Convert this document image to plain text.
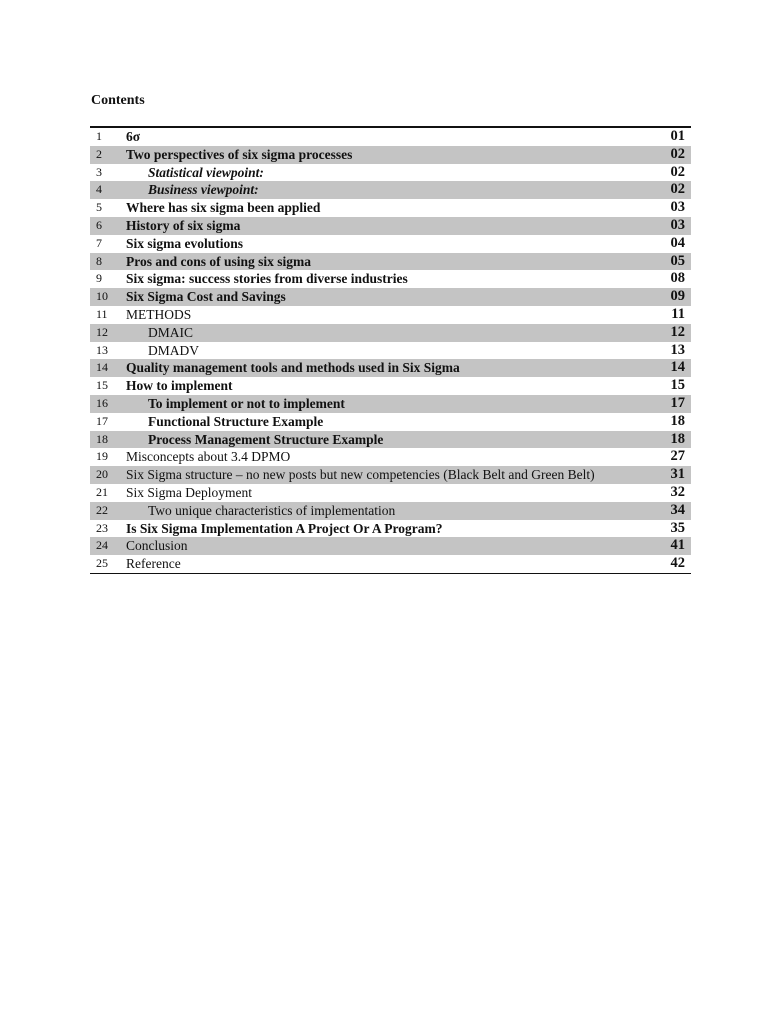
Contents
1 6σ	01
2 Two perspectives of six sigma processes	02
3	Statistical viewpoint:	02
4	Business viewpoint:	02
5 Where has six sigma been applied	03
6 History of six sigma	03
7 Six sigma evolutions	04
8 Pros and cons of using six sigma	05
9 Six sigma: success stories from diverse industries	08
10 Six Sigma Cost and Savings	09
11 METHODS	11
12	DMAIC	12
13	DMADV	13
14 Quality management tools and methods used in Six Sigma	14
15 How to implement	15
16	To implement or not to implement	17
17	Functional Structure Example	18
18	Process Management Structure Example	18
19 Misconcepts about 3.4 DPMO	27
20 Six Sigma structure – no new posts but new competencies (Black Belt and Green Belt)	31
21 Six Sigma Deployment	32
22	Two unique characteristics of implementation	34
23 Is Six Sigma Implementation A Project Or A Program?	35
24 Conclusion	41
25 Reference	42
